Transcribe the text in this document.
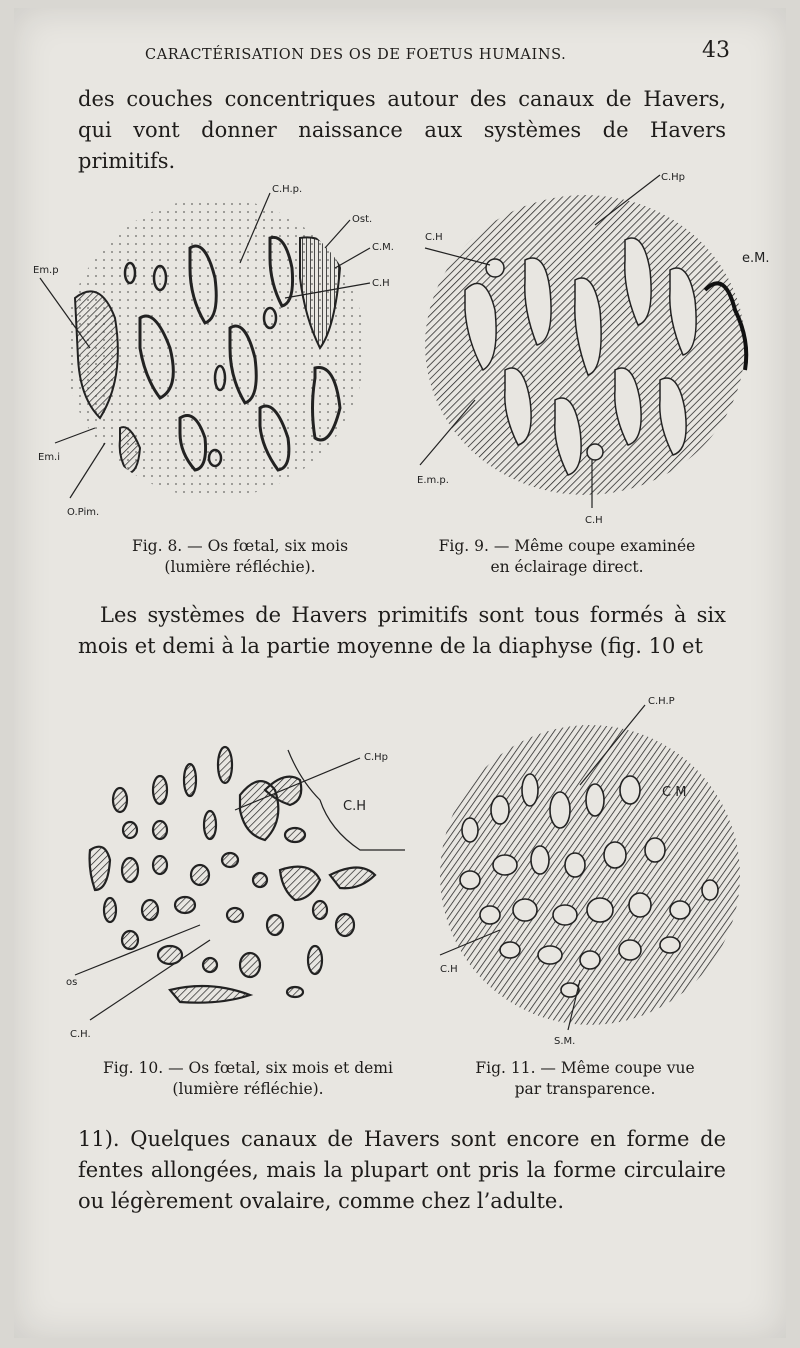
CARACTÉRISATION DES OS DE FOETUS HUMAINS.	43
des couches concentriques autour des canaux de Havers, qui vont donner naissance aux systèmes de Havers primitifs.
C.H.p.
Ost.
C.M.
C.H
Em.p
Em.i
O.Pim.
C.Hp
C.H
e.M.
E.m.p.
C.H
Fig. 8. — Os fœtal, six mois
(lumière réfléchie).
Fig. 9. — Même coupe examinée
en éclairage direct.
Les systèmes de Havers primitifs sont tous formés à six mois et demi à la partie moyenne de la diaphyse (fig. 10 et
C.Hp
C.H
os
C.H.
C.H.P
C M
C.H
S.M.
Fig. 10. — Os fœtal, six mois et demi
(lumière réfléchie).
Fig. 11. — Même coupe vue
par transparence.
11). Quelques canaux de Havers sont encore en forme de fentes allongées, mais la plupart ont pris la forme circulaire ou légèrement ovalaire, comme chez l’adulte.
